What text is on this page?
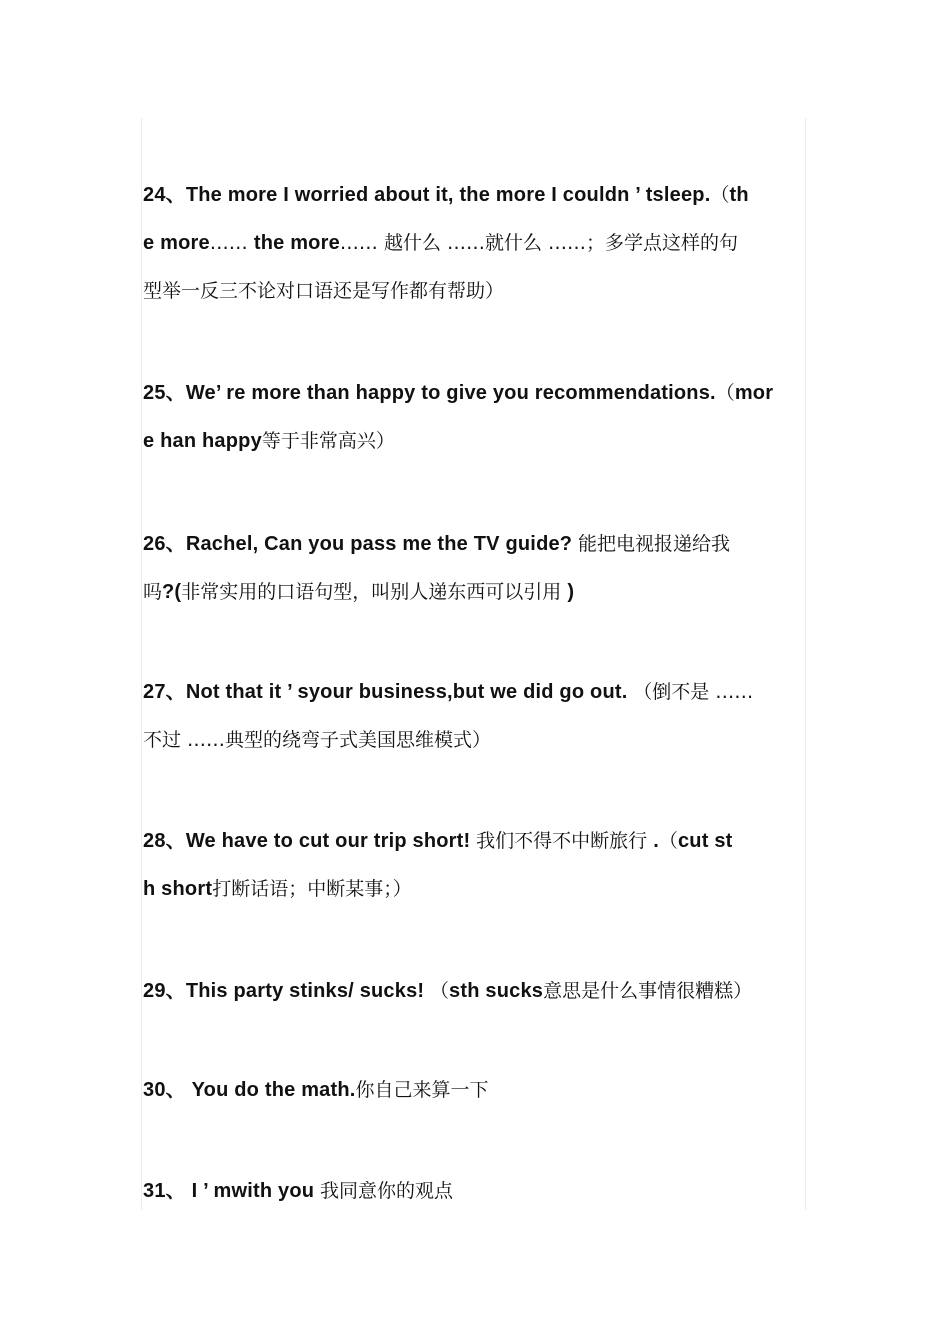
24、The more I worried about it, the more I couldn ’ tsleep.（th
e more…… the more…… 越什么 ……就什么 ……；多学点这样的句
型举一反三不论对口语还是写作都有帮助）
25、We’ re more than happy to give you recommendations.（mor
e han happy等于非常高兴）
26、Rachel, Can you pass me the TV guide? 能把电视报递给我
吗?(非常实用的口语句型，叫别人递东西可以引用 )
27、Not that it ’ syour business,but we did go out. （倒不是 ……
不过 ……典型的绕弯子式美国思维模式）
28、We have to cut our trip short! 我们不得不中断旅行 .（cut st
h short打断话语；中断某事；）
29、This party stinks/ sucks! （sth sucks意思是什么事情很糟糕）
30、 You do the math.你自己来算一下
31、 I ’ mwith you 我同意你的观点
